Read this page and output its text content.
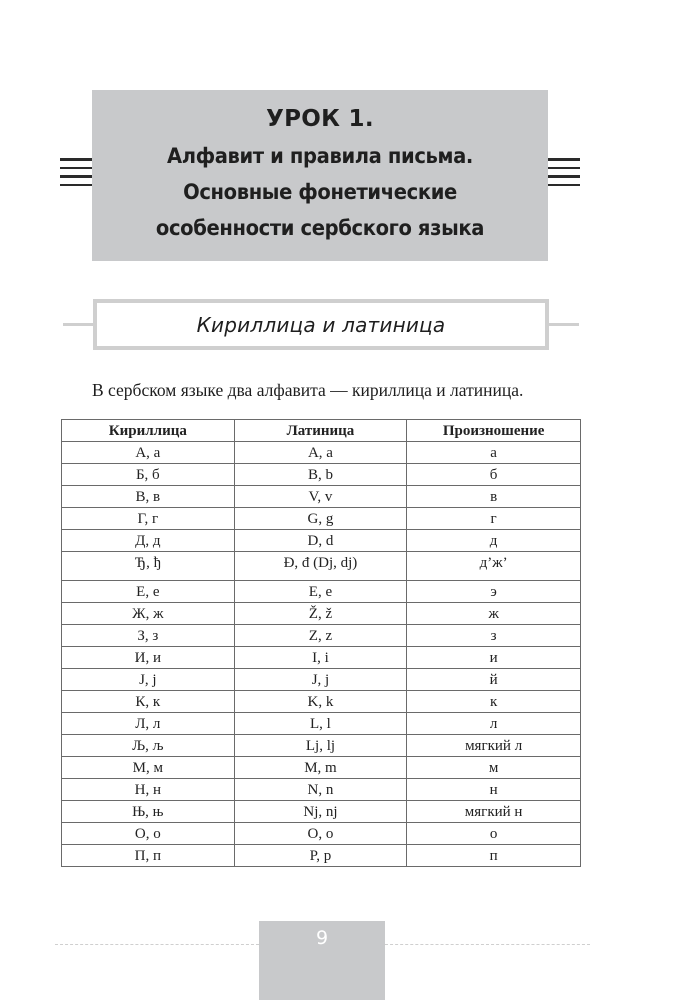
УРОК 1.
Алфавит и правила письма.
Основные фонетические
особенности сербского языка
Кириллица и латиница
В сербском языке два алфавита — кириллица и латиница.
Кириллица	Латиница	Произношение
А, а	A, a	а
Б, б	B, b	б
В, в	V, v	в
Г, г	G, g	г
Д, д	D, d	д
Ђ, ђ	Đ, đ (Dj, dj)	д’ж’
Е, е	E, e	э
Ж, ж	Ž, ž	ж
З, з	Z, z	з
И, и	I, i	и
Ј, ј	J, j	й
К, к	K, k	к
Л, л	L, l	л
Љ, љ	Lj, lj	мягкий л
М, м	M, m	м
Н, н	N, n	н
Њ, њ	Nj, nj	мягкий н
О, о	O, o	о
П, п	P, p	п
9
